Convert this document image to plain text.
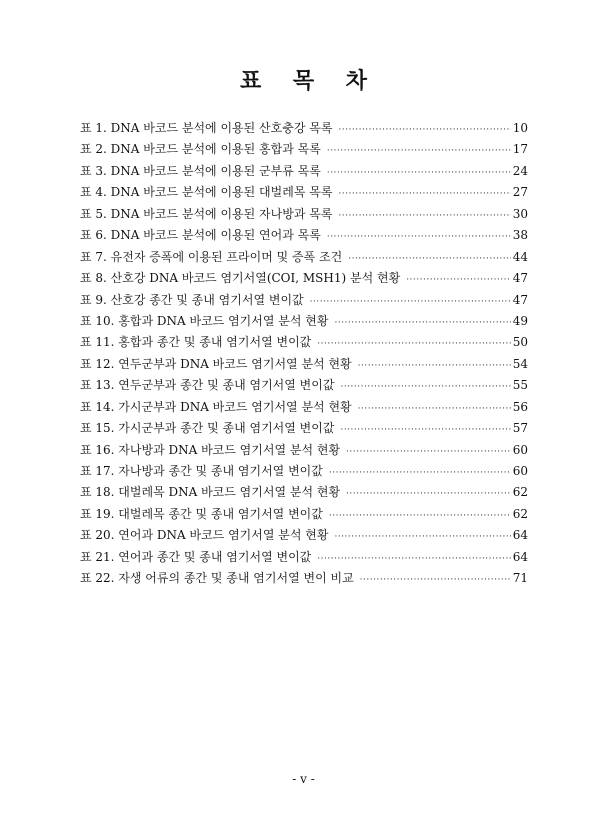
표 목 차
표 1. DNA 바코드 분석에 이용된 산호충강 목록 ·····	10
표 2. DNA 바코드 분석에 이용된 홍합과 목록 ·····	17
표 3. DNA 바코드 분석에 이용된 군부류 목록 ·····	24
표 4. DNA 바코드 분석에 이용된 대벌레목 목록 ·····	27
표 5. DNA 바코드 분석에 이용된 자나방과 목록 ·····	30
표 6. DNA 바코드 분석에 이용된 연어과 목록 ·····	38
표 7. 유전자 증폭에 이용된 프라이머 및 증폭 조건 ·····	44
표 8. 산호강 DNA 바코드 염기서열(COI, MSH1) 분석 현황 ·····	47
표 9. 산호강 종간 및 종내 염기서열 변이값 ·····	47
표 10. 홍합과 DNA 바코드 염기서열 분석 현황 ·····	49
표 11. 홍합과 종간 및 종내 염기서열 변이값 ·····	50
표 12. 연두군부과 DNA 바코드 염기서열 분석 현황 ·····	54
표 13. 연두군부과 종간 및 종내 염기서열 변이값 ·····	55
표 14. 가시군부과 DNA 바코드 염기서열 분석 현황 ·····	56
표 15. 가시군부과 종간 및 종내 염기서열 변이값 ·····	57
표 16. 자나방과 DNA 바코드 염기서열 분석 현황 ·····	60
표 17. 자나방과 종간 및 종내 염기서열 변이값 ·····	60
표 18. 대벌레목 DNA 바코드 염기서열 분석 현황 ·····	62
표 19. 대벌레목 종간 및 종내 염기서열 변이값 ·····	62
표 20. 연어과 DNA 바코드 염기서열 분석 현황 ·····	64
표 21. 연어과 종간 및 종내 염기서열 변이값 ·····	64
표 22. 자생 어류의 종간 및 종내 염기서열 변이 비교 ·····	71
- v -
